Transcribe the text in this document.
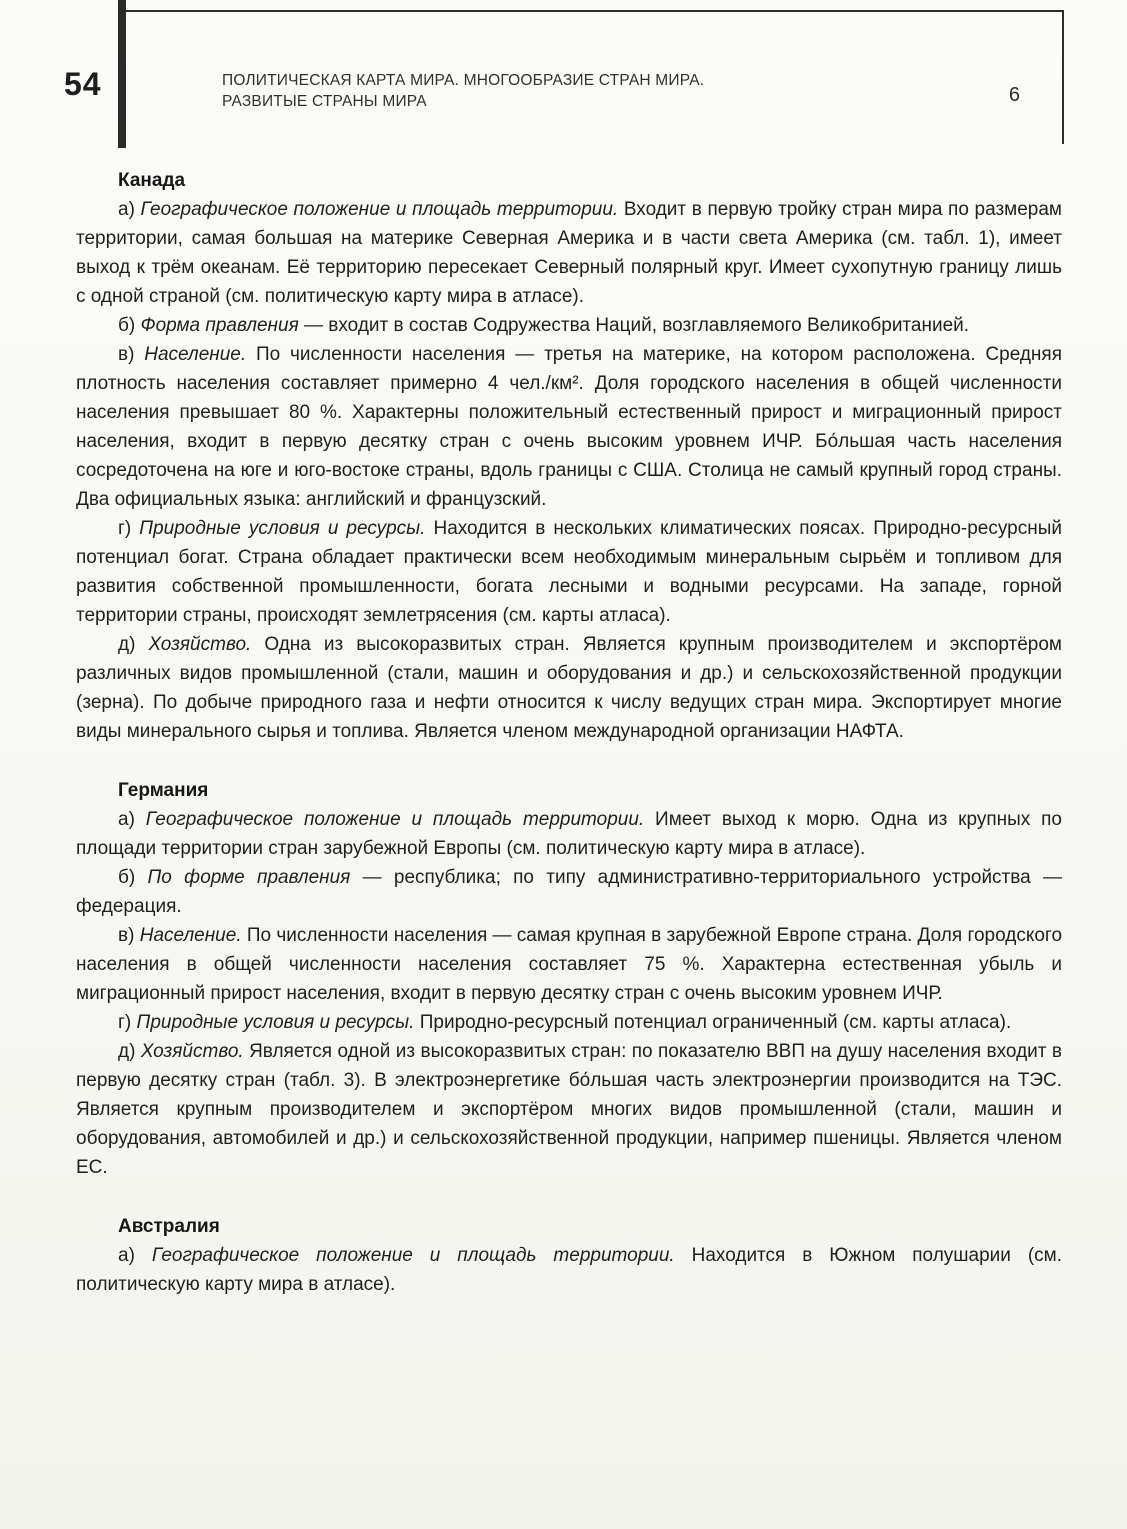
54	ПОЛИТИЧЕСКАЯ КАРТА МИРА. МНОГООБРАЗИЕ СТРАН МИРА.
РАЗВИТЫЕ СТРАНЫ МИРА	6
Канада

а) Географическое положение и площадь территории. Входит в первую тройку стран мира по размерам территории, самая большая на материке Северная Америка и в части света Америка (см. табл. 1), имеет выход к трём океанам. Её территорию пересекает Северный полярный круг. Имеет сухопутную границу лишь с одной страной (см. политическую карту мира в атласе).

б) Форма правления — входит в состав Содружества Наций, возглавляемого Великобританией.

в) Население. По численности населения — третья на материке, на котором расположена. Средняя плотность населения составляет примерно 4 чел./км². Доля городского населения в общей численности населения превышает 80 %. Характерны положительный естественный прирост и миграционный прирост населения, входит в первую десятку стран с очень высоким уровнем ИЧР. Бо́льшая часть населения сосредоточена на юге и юго-востоке страны, вдоль границы с США. Столица не самый крупный город страны. Два официальных языка: английский и французский.

г) Природные условия и ресурсы. Находится в нескольких климатических поясах. Природно-ресурсный потенциал богат. Страна обладает практически всем необходимым минеральным сырьём и топливом для развития собственной промышленности, богата лесными и водными ресурсами. На западе, горной территории страны, происходят землетрясения (см. карты атласа).

д) Хозяйство. Одна из высокоразвитых стран. Является крупным производителем и экспортёром различных видов промышленной (стали, машин и оборудования и др.) и сельскохозяйственной продукции (зерна). По добыче природного газа и нефти относится к числу ведущих стран мира. Экспортирует многие виды минерального сырья и топлива. Является членом международной организации НАФТА.

Германия

а) Географическое положение и площадь территории. Имеет выход к морю. Одна из крупных по площади территории стран зарубежной Европы (см. политическую карту мира в атласе).

б) По форме правления — республика; по типу административно-территориального устройства — федерация.

в) Население. По численности населения — самая крупная в зарубежной Европе страна. Доля городского населения в общей численности населения составляет 75 %. Характерна естественная убыль и миграционный прирост населения, входит в первую десятку стран с очень высоким уровнем ИЧР.

г) Природные условия и ресурсы. Природно-ресурсный потенциал ограниченный (см. карты атласа).

д) Хозяйство. Является одной из высокоразвитых стран: по показателю ВВП на душу населения входит в первую десятку стран (табл. 3). В электроэнергетике бо́льшая часть электроэнергии производится на ТЭС. Является крупным производителем и экспортёром многих видов промышленной (стали, машин и оборудования, автомобилей и др.) и сельскохозяйственной продукции, например пшеницы. Является членом ЕС.

Австралия

а) Географическое положение и площадь территории. Находится в Южном полушарии (см. политическую карту мира в атласе).
